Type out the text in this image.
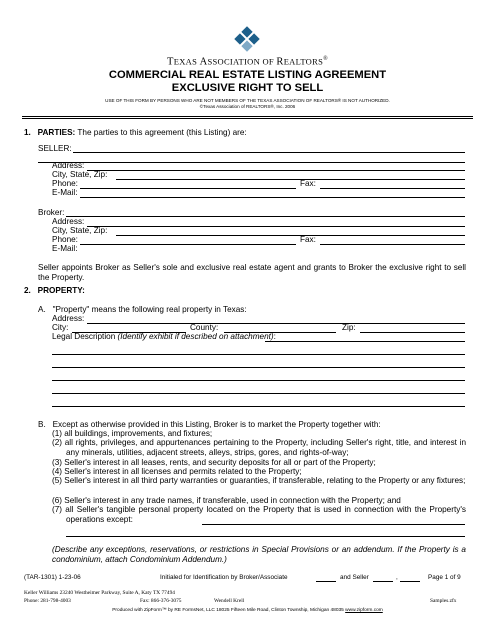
TEXAS ASSOCIATION OF REALTORS®
COMMERCIAL REAL ESTATE LISTING AGREEMENT
EXCLUSIVE RIGHT TO SELL
USE OF THIS FORM BY PERSONS WHO ARE NOT MEMBERS OF THE TEXAS ASSOCIATION OF REALTORS® IS NOT AUTHORIZED.
©Texas Association of REALTORS®, Inc. 2006
1. PARTIES: The parties to this agreement (this Listing) are:
SELLER:
Address:
City, State, Zip:
Phone:	Fax:
E-Mail:
Broker:
Address:
City, State, Zip:
Phone:	Fax:
E-Mail:
Seller appoints Broker as Seller's sole and exclusive real estate agent and grants to Broker the exclusive right to sell the Property.
2. PROPERTY:
A. "Property" means the following real property in Texas:
Address:
City:	County:	Zip:
Legal Description (Identify exhibit if described on attachment):
B. Except as otherwise provided in this Listing, Broker is to market the Property together with:
(1) all buildings, improvements, and fixtures;
(2) all rights, privileges, and appurtenances pertaining to the Property, including Seller's right, title, and interest in any minerals, utilities, adjacent streets, alleys, strips, gores, and rights-of-way;
(3) Seller's interest in all leases, rents, and security deposits for all or part of the Property;
(4) Seller's interest in all licenses and permits related to the Property;
(5) Seller's interest in all third party warranties or guaranties, if transferable, relating to the Property or any fixtures;
(6) Seller's interest in any trade names, if transferable, used in connection with the Property; and
(7) all Seller's tangible personal property located on the Property that is used in connection with the Property's operations except:
(Describe any exceptions, reservations, or restrictions in Special Provisions or an addendum. If the Property is a condominium, attach Condominium Addendum.)
(TAR-1301) 1-23-06	Initialed for Identification by Broker/Associate	and Seller	,	Page 1 of 9
Keller Williams 23240 Westheimer Parkway, Suite A, Katy TX 77494
Phone: 281-798-4003	Fax: 866-376-3075	Wendell Krell	Samples.zfx
Produced with ZipForm™ by RE FormsNet, LLC 18025 Fifteen Mile Road, Clinton Township, Michigan 48035 www.zipform.com
